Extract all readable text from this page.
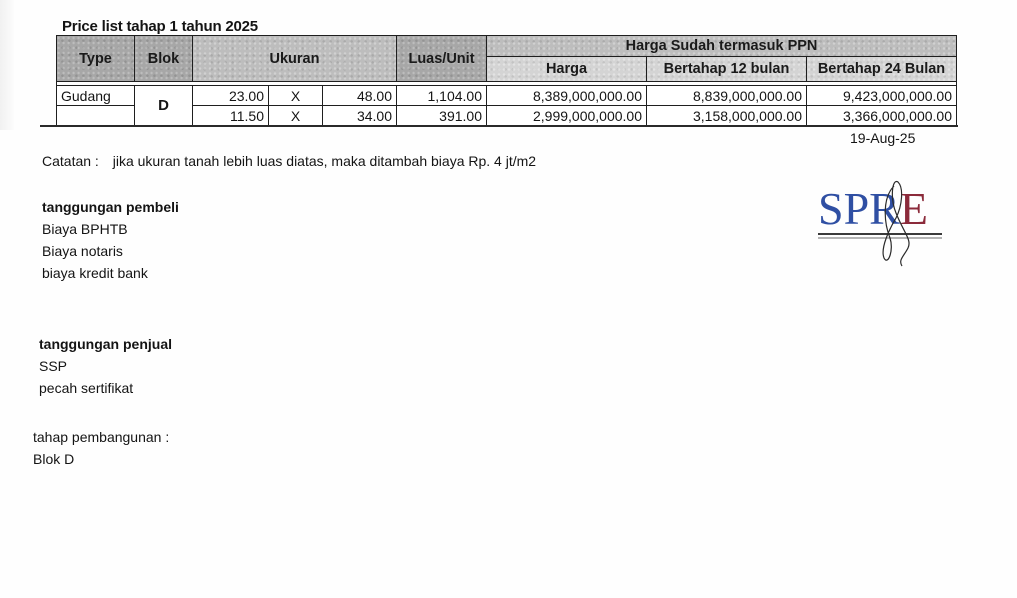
Price list tahap 1 tahun 2025
Type	Blok	Ukuran			Luas/Unit	Harga Sudah termasuk PPN		
						Harga	Bertahap 12 bulan	Bertahap 24 Bulan

Gudang	D	23.00	X	48.00	1,104.00	8,389,000,000.00	8,839,000,000.00	9,423,000,000.00
		11.50	X	34.00	391.00	2,999,000,000.00	3,158,000,000.00	3,366,000,000.00
19-Aug-25
Catatan : jika ukuran tanah lebih luas diatas, maka ditambah biaya Rp. 4 jt/m2
tanggungan pembeli
Biaya BPHTB
Biaya notaris
biaya kredit bank
tanggungan penjual
SSP
pecah sertifikat
tahap pembangunan :
Blok D
SPRE
